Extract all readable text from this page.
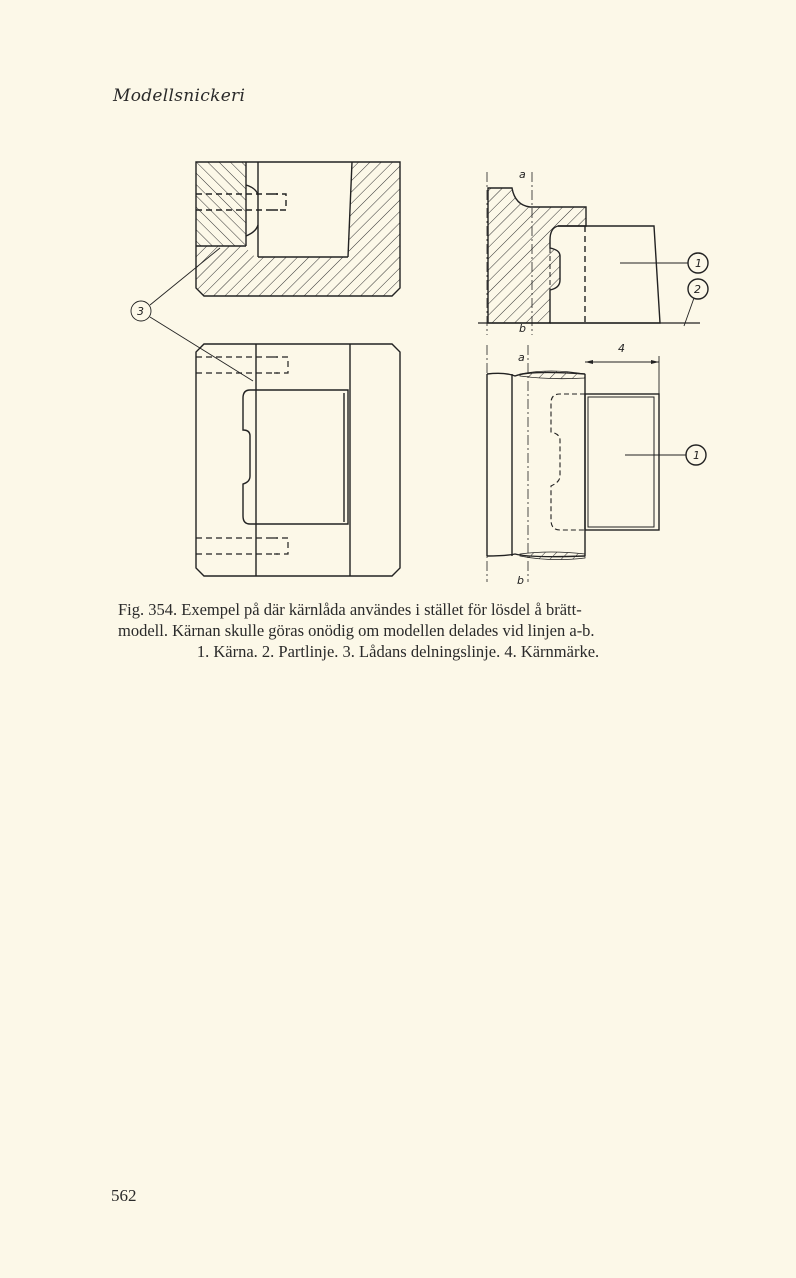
Modellsnickeri
3
a
b
1
2
a
b
4
1
Fig. 354. Exempel på där kärnlåda användes i stället för lösdel å brätt-
modell. Kärnan skulle göras onödig om modellen delades vid linjen a-b.
1. Kärna. 2. Partlinje. 3. Lådans delningslinje. 4. Kärnmärke.
562
